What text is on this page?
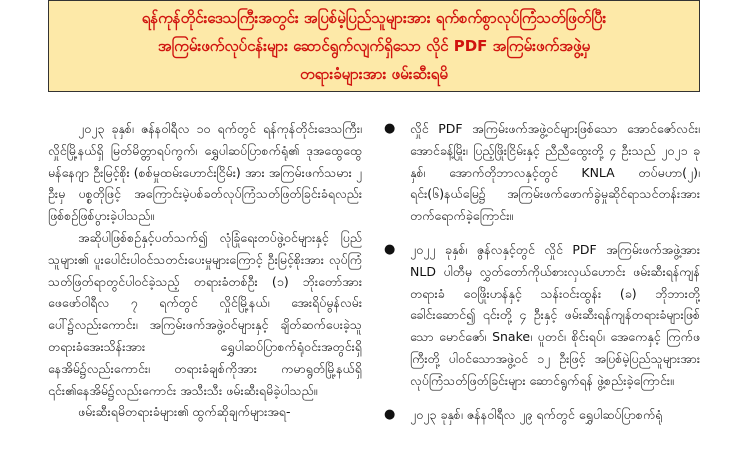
ရန်ကုန်တိုင်းဒေသကြီးအတွင်း အပြစ်မဲ့ပြည်သူများအား ရက်စက်စွာလုပ်ကြံသတ်ဖြတ်ပြီး
အကြမ်းဖက်လုပ်ငန်းများ ဆောင်ရွက်လျက်ရှိသော လိုင် PDF အကြမ်းဖက်အဖွဲ့မှ
တရားခံများအား ဖမ်းဆီးရမိ

၂၀၂၃ ခုနှစ်၊ ဇန်နဝါရီလ ၁၀ ရက်တွင် ရန်ကုန်တိုင်းဒေသကြီး၊ လှိုင်မြို့နယ်ရှိ မြတ်မိတ္တာရပ်ကွက်၊ ရွှေပါဆပ်ပြာစက်ရုံ၏ ဒုအထွေထွေမန်နေဂျာ ဦးမြင့်စိုး (စစ်မှုထမ်းဟောင်းငြိမ်း) အား အကြမ်းဖက်သမား ၂ ဦးမှ ပစ္စတိုဖြင့် အကြောင်းမဲ့ပစ်ခတ်လုပ်ကြံသတ်ဖြတ်ခြင်းခံရလည်း ဖြစ်စဉ်ဖြစ်ပွားခဲ့ပါသည်။

အဆိုပါဖြစ်စဉ်နှင့်ပတ်သက်၍ လုံခြုံရေးတပ်ဖွဲ့ဝင်များနှင့် ပြည်သူများ၏ ပူးပေါင်းပါဝင်သတင်းပေးမှုများကြောင့် ဦးမြင့်စိုးအား လုပ်ကြံသတ်ဖြတ်ရာတွင်ပါဝင်ခဲ့သည့် တရားခံတစ်ဦး (၁) ဘိုးတော်အား ဖေဖော်ဝါရီလ ၇ ရက်တွင် လှိုင်မြို့နယ်၊ အေးရိပ်မွန်လမ်းပေါ်၌လည်းကောင်း၊ အကြမ်းဖက်အဖွဲ့ဝင်များနှင့် ချိတ်ဆက်ပေးခဲ့သူ တရားခံအေးသိန်းအား ရွှေပါဆပ်ပြာစက်ရုံဝင်းအတွင်းရှိ နေအိမ်၌လည်းကောင်း၊ တရားခံချစ်ကိုအား ကမာရွတ်မြို့နယ်ရှိ ၎င်း၏နေအိမ်၌လည်းကောင်း အသီးသီး ဖမ်းဆီးရမိခဲ့ပါသည်။

ဖမ်းဆီးရမိတရားခံများ၏ ထွက်ဆိုချက်များအရ-

●	လှိုင် PDF အကြမ်းဖက်အဖွဲ့ဝင်များဖြစ်သော အောင်ဇော်လင်း၊ အောင်ခန့်မြိုး၊ ပြည့်ဖြိုးငြိမ်းနှင့် ညီညီထွေးတို့ ၄ ဦးသည် ၂၀၂၁ ခုနှစ်၊ အောက်တိုဘာလနှင့်တွင် KNLA တပ်မဟာ(၂)၊ ရင်း(၆)နယ်မြေ၌ အကြမ်းဖက်ဖောက်ခွဲမှုဆိုင်ရာသင်တန်းအား တက်ရောက်ခဲ့ကြောင်း။
●	၂၀၂၂ ခုနှစ်၊ ဇွန်လနှင့်တွင် လှိုင် PDF အကြမ်းဖက်အဖွဲ့အား NLD ပါတီမှ လွှတ်တော်ကိုယ်စားလှယ်ဟောင်း ဖမ်းဆီးရန်ကျန်တရားခံ ဝေဖြိုးဟန်နှင့် သန်းဝင်းထွန်း (ခ) ဘိုဘားတို့ခေါင်းဆောင်၍ ၎င်းတို့ ၄ ဦးနှင့် ဖမ်းဆီးရန်ကျန်တရားခံများဖြစ်သော မောင်ဇော်၊ Snake၊ ပူတင်၊ စိုင်းရပ်၊ အေကေနှင့် ကြက်ဖကြီးတို့ ပါဝင်သောအဖွဲ့ဝင် ၁၂ ဦးဖြင့် အပြစ်မဲ့ပြည်သူများအား လုပ်ကြံသတ်ဖြတ်ခြင်းများ ဆောင်ရွက်ရန် ဖွဲ့စည်းခဲ့ကြောင်း။
●	၂၀၂၃ ခုနှစ်၊ ဇန်နဝါရီလ ၂၉ ရက်တွင် ရွှေပါဆပ်ပြာစက်ရုံ
